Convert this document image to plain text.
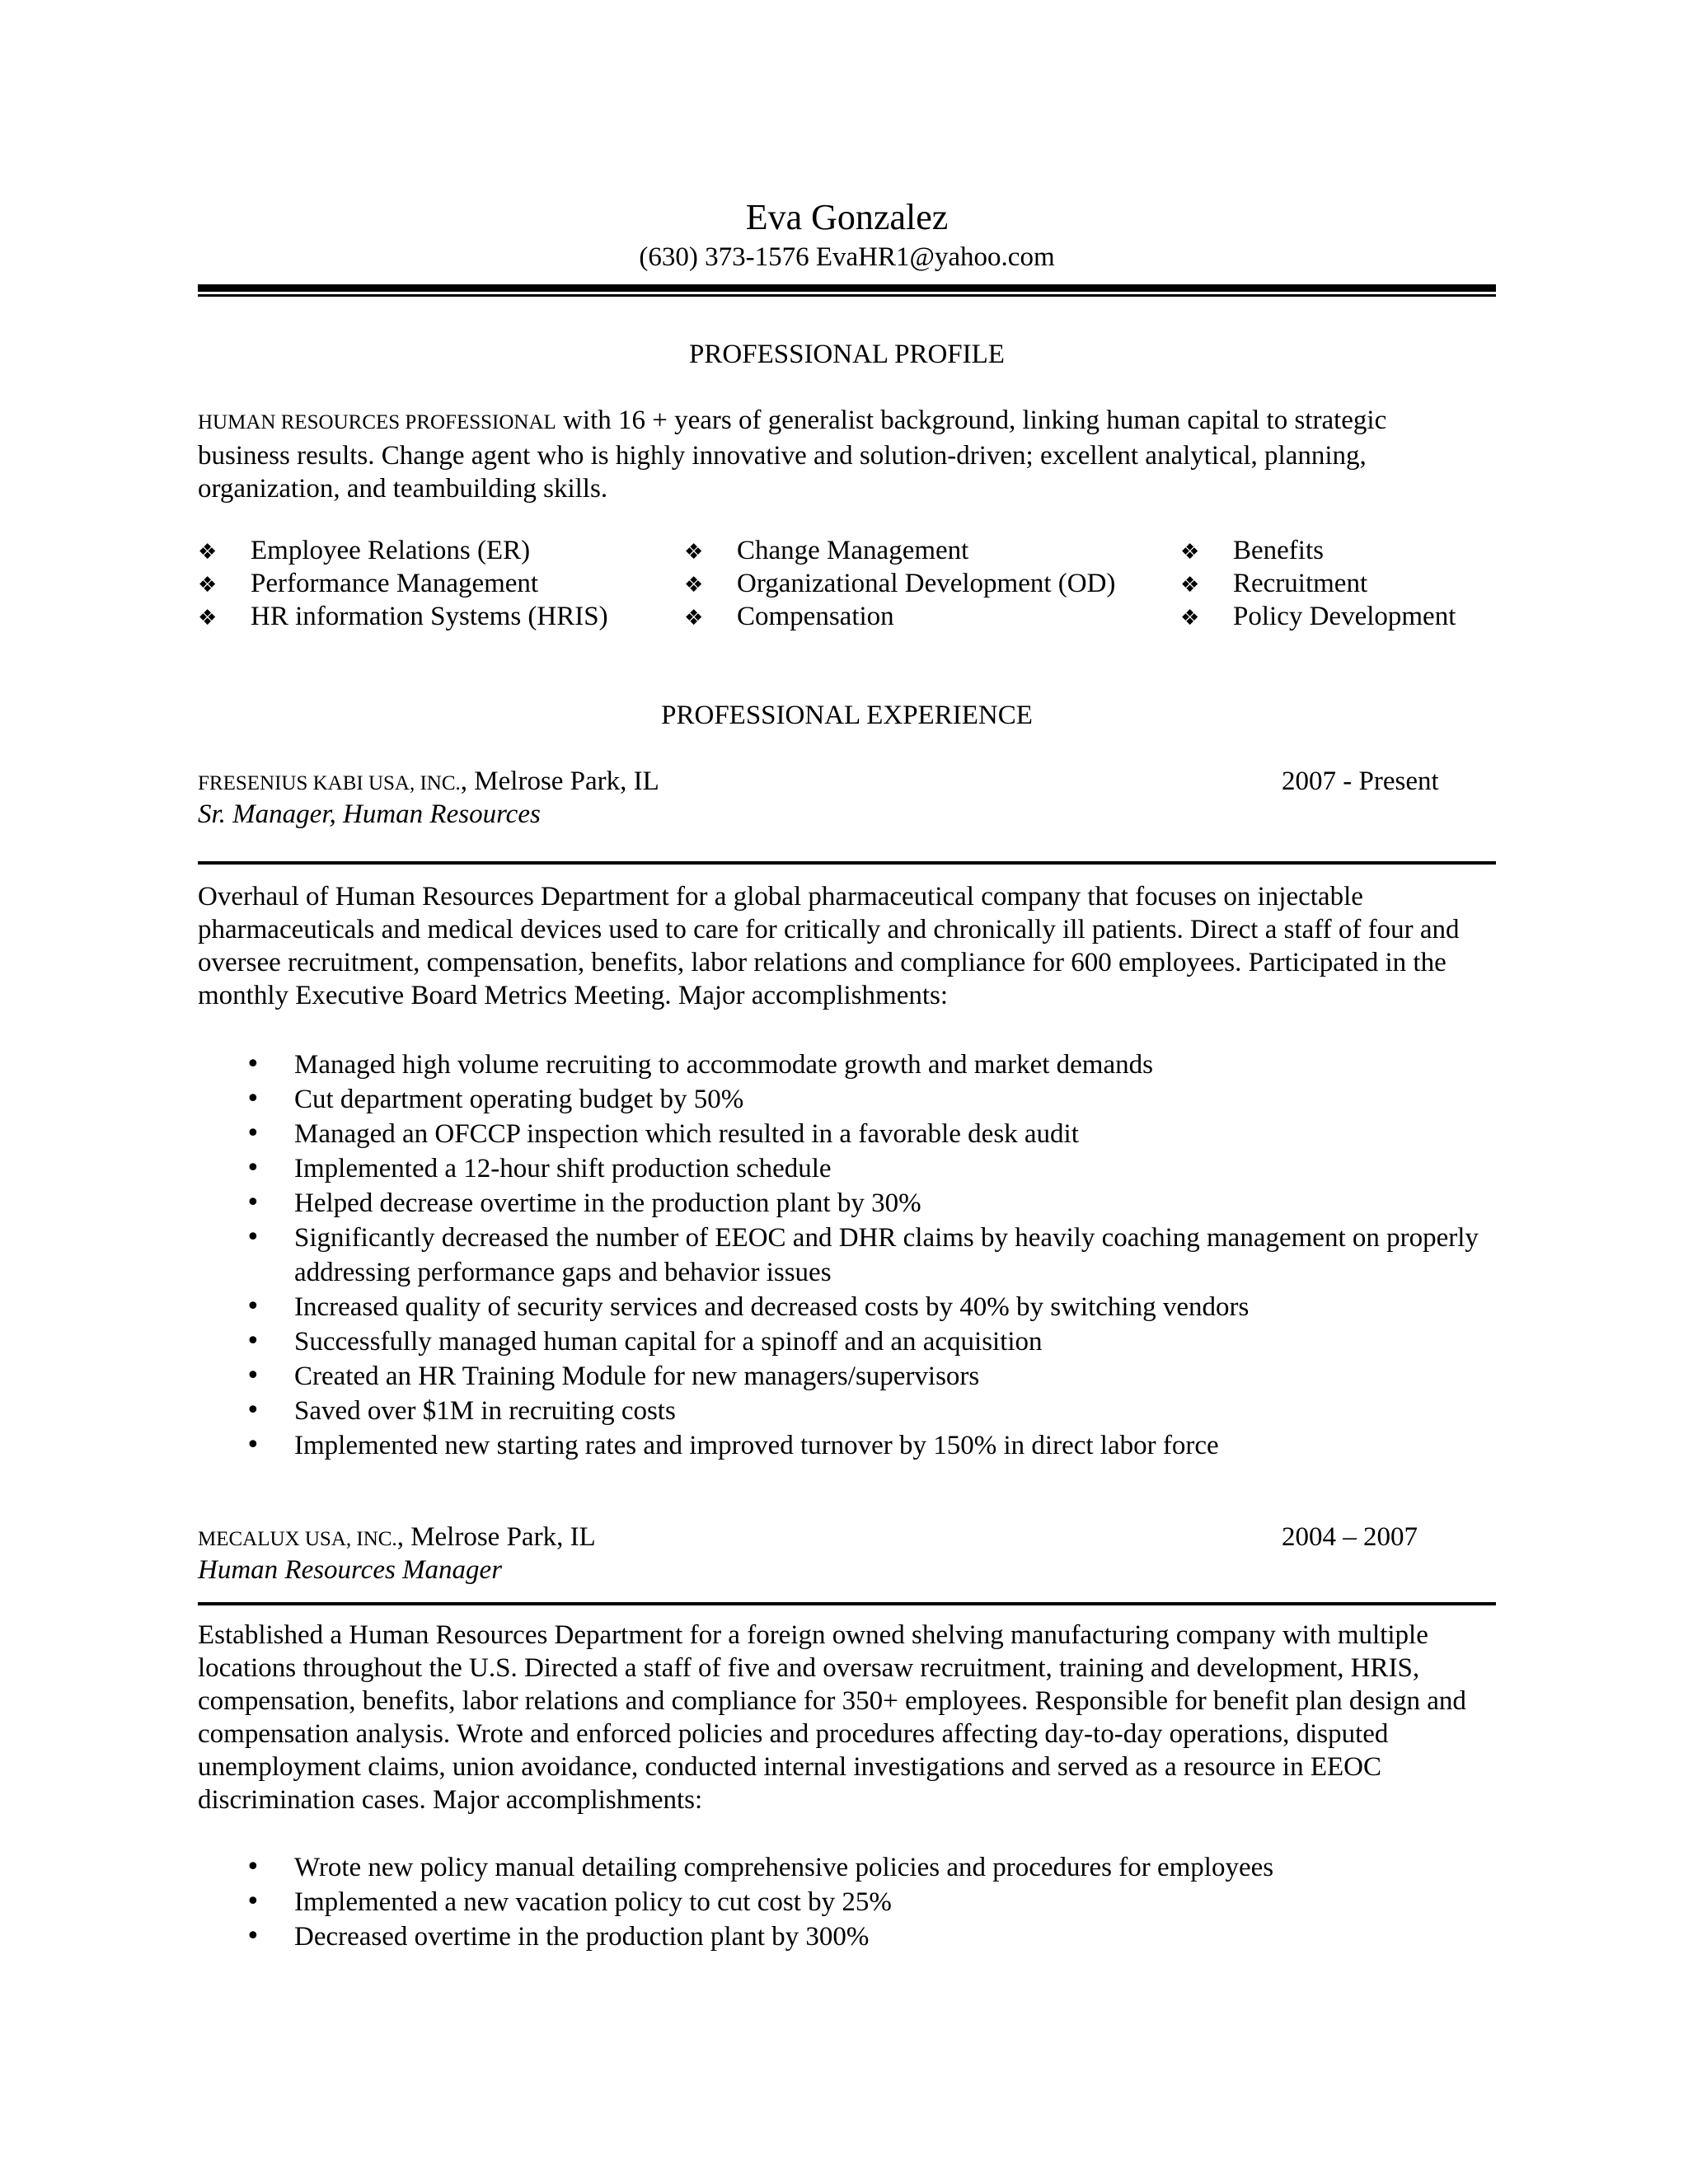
Eva Gonzalez
(630) 373-1576 EvaHR1@yahoo.com
PROFESSIONAL PROFILE

HUMAN RESOURCES PROFESSIONAL with 16 + years of generalist background, linking human capital to strategic business results. Change agent who is highly innovative and solution-driven; excellent analytical, planning, organization, and teambuilding skills.

❖ Employee Relations (ER)
❖ Performance Management
❖ HR information Systems (HRIS)
❖ Change Management
❖ Organizational Development (OD)
❖ Compensation
❖ Benefits
❖ Recruitment
❖ Policy Development
PROFESSIONAL EXPERIENCE
FRESENIUS KABI USA, INC., Melrose Park, IL	2007 - Present
Sr. Manager, Human Resources

Overhaul of Human Resources Department for a global pharmaceutical company that focuses on injectable pharmaceuticals and medical devices used to care for critically and chronically ill patients. Direct a staff of four and oversee recruitment, compensation, benefits, labor relations and compliance for 600 employees. Participated in the monthly Executive Board Metrics Meeting. Major accomplishments:

• Managed high volume recruiting to accommodate growth and market demands
• Cut department operating budget by 50%
• Managed an OFCCP inspection which resulted in a favorable desk audit
• Implemented a 12-hour shift production schedule
• Helped decrease overtime in the production plant by 30%
• Significantly decreased the number of EEOC and DHR claims by heavily coaching management on properly addressing performance gaps and behavior issues
• Increased quality of security services and decreased costs by 40% by switching vendors
• Successfully managed human capital for a spinoff and an acquisition
• Created an HR Training Module for new managers/supervisors
• Saved over $1M in recruiting costs
• Implemented new starting rates and improved turnover by 150% in direct labor force
MECALUX USA, INC., Melrose Park, IL	2004 – 2007
Human Resources Manager

Established a Human Resources Department for a foreign owned shelving manufacturing company with multiple locations throughout the U.S. Directed a staff of five and oversaw recruitment, training and development, HRIS, compensation, benefits, labor relations and compliance for 350+ employees. Responsible for benefit plan design and compensation analysis. Wrote and enforced policies and procedures affecting day-to-day operations, disputed unemployment claims, union avoidance, conducted internal investigations and served as a resource in EEOC discrimination cases. Major accomplishments:

• Wrote new policy manual detailing comprehensive policies and procedures for employees
• Implemented a new vacation policy to cut cost by 25%
• Decreased overtime in the production plant by 300%
